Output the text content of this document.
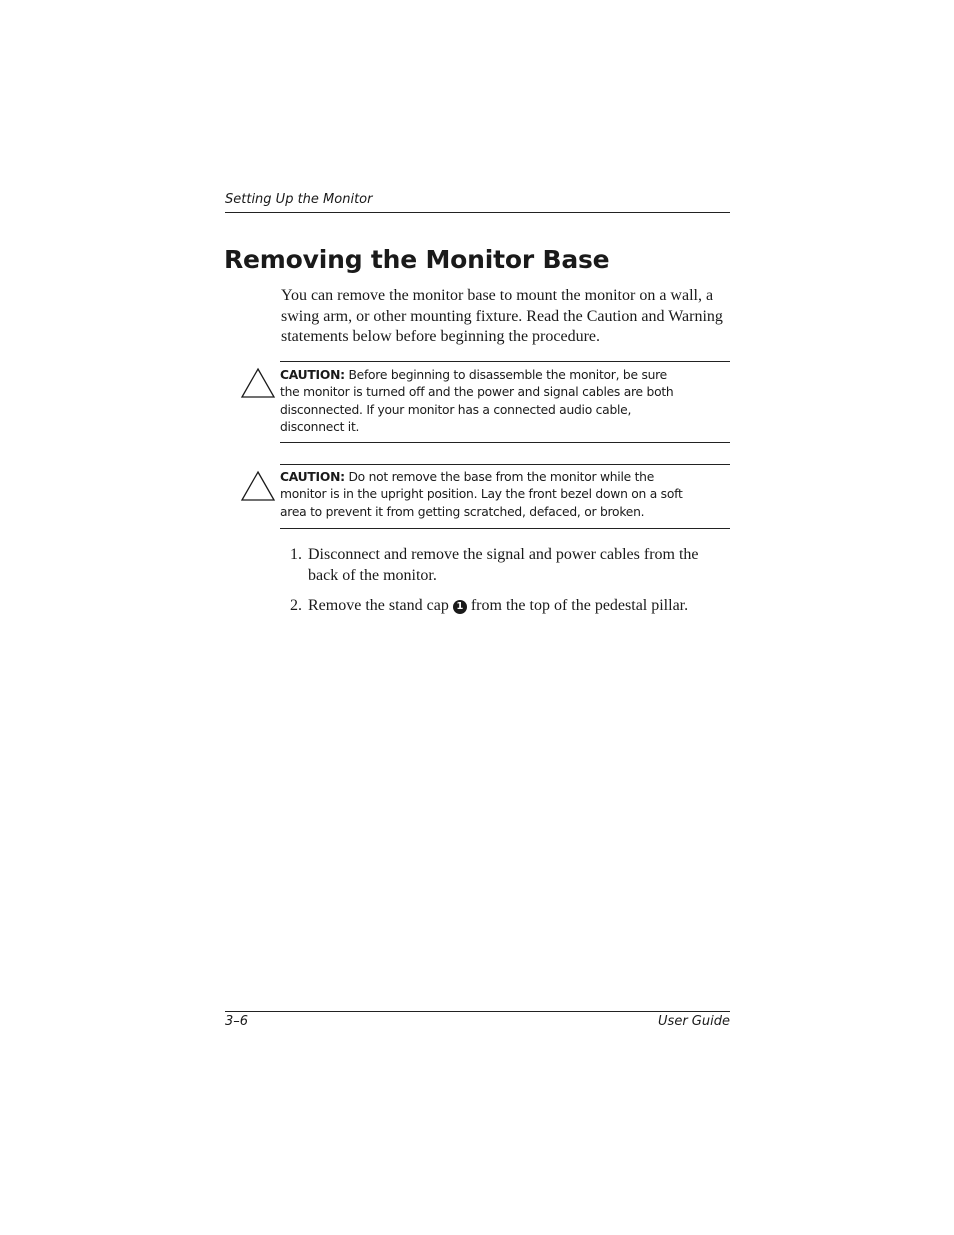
Setting Up the Monitor
Removing the Monitor Base

You can remove the monitor base to mount the monitor on a wall, a swing arm, or other mounting fixture. Read the Caution and Warning statements below before beginning the procedure.

CAUTION: Before beginning to disassemble the monitor, be sure the monitor is turned off and the power and signal cables are both disconnected. If your monitor has a connected audio cable, disconnect it.
CAUTION: Do not remove the base from the monitor while the monitor is in the upright position. Lay the front bezel down on a soft area to prevent it from getting scratched, defaced, or broken.
1. Disconnect and remove the signal and power cables from the back of the monitor.
2. Remove the stand cap 1 from the top of the pedestal pillar.
3–6	User Guide
